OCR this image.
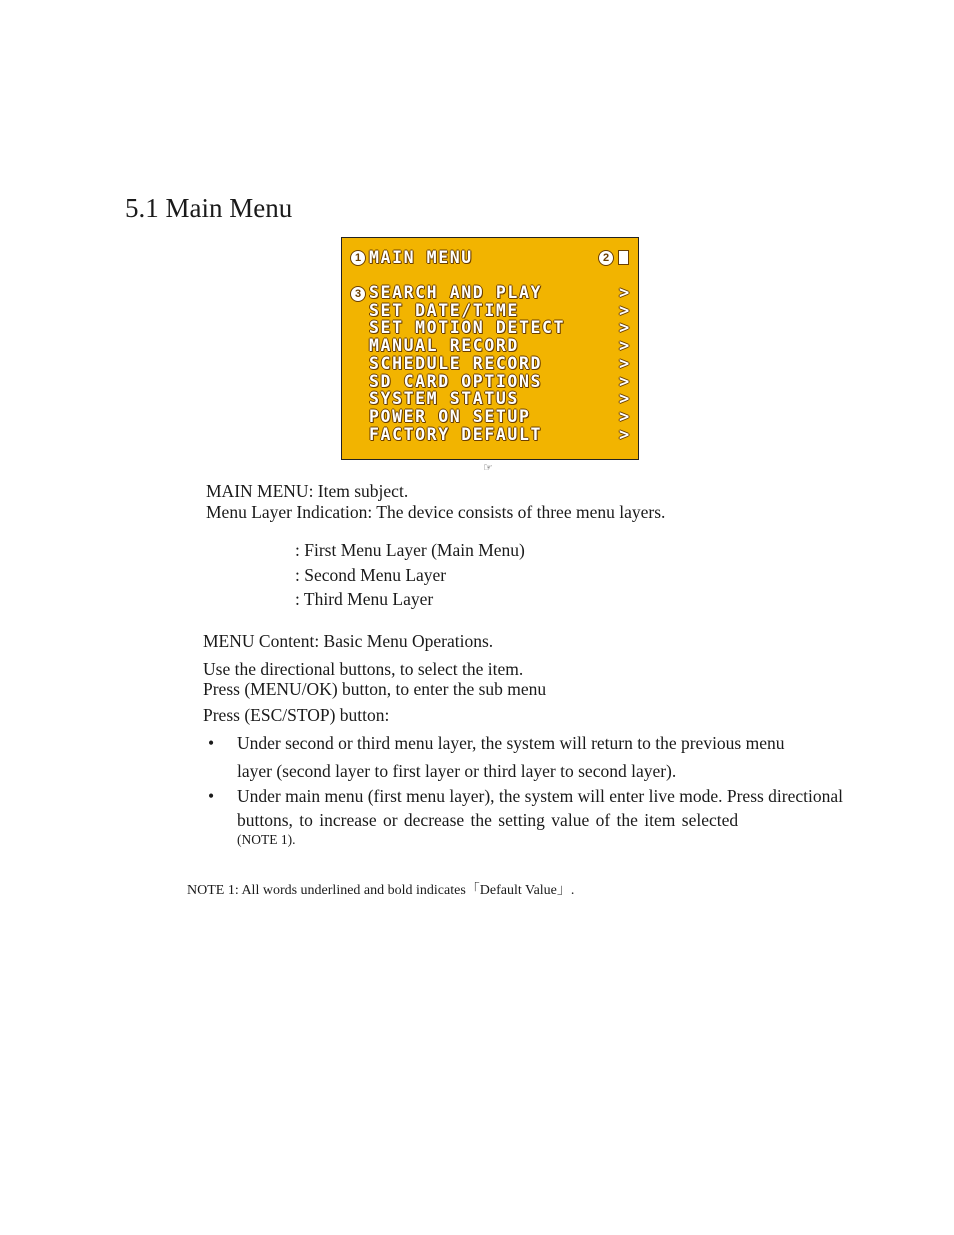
5.1 Main Menu
1 MAIN MENU	2
3 SEARCH AND PLAY	>
SET DATE/TIME	>
SET MOTION DETECT	>
MANUAL RECORD	>
SCHEDULE RECORD	>
SD CARD OPTIONS	>
SYSTEM STATUS	>
POWER ON SETUP	>
FACTORY DEFAULT	>
☞
MAIN MENU: Item subject.
Menu Layer Indication: The device consists of three menu layers.
: First Menu Layer (Main Menu)
: Second Menu Layer
: Third Menu Layer
MENU Content: Basic Menu Operations.
Use the directional buttons, to select the item.
Press (MENU/OK) button, to enter the sub menu
Press (ESC/STOP) button:
• Under second or third menu layer, the system will return to the previous menu
layer (second layer to first layer or third layer to second layer).
• Under main menu (first menu layer), the system will enter live mode. Press directional
buttons, to increase or decrease the setting value of the item selected
(NOTE 1).
NOTE 1: All words underlined and bold indicates「Default Value」.
